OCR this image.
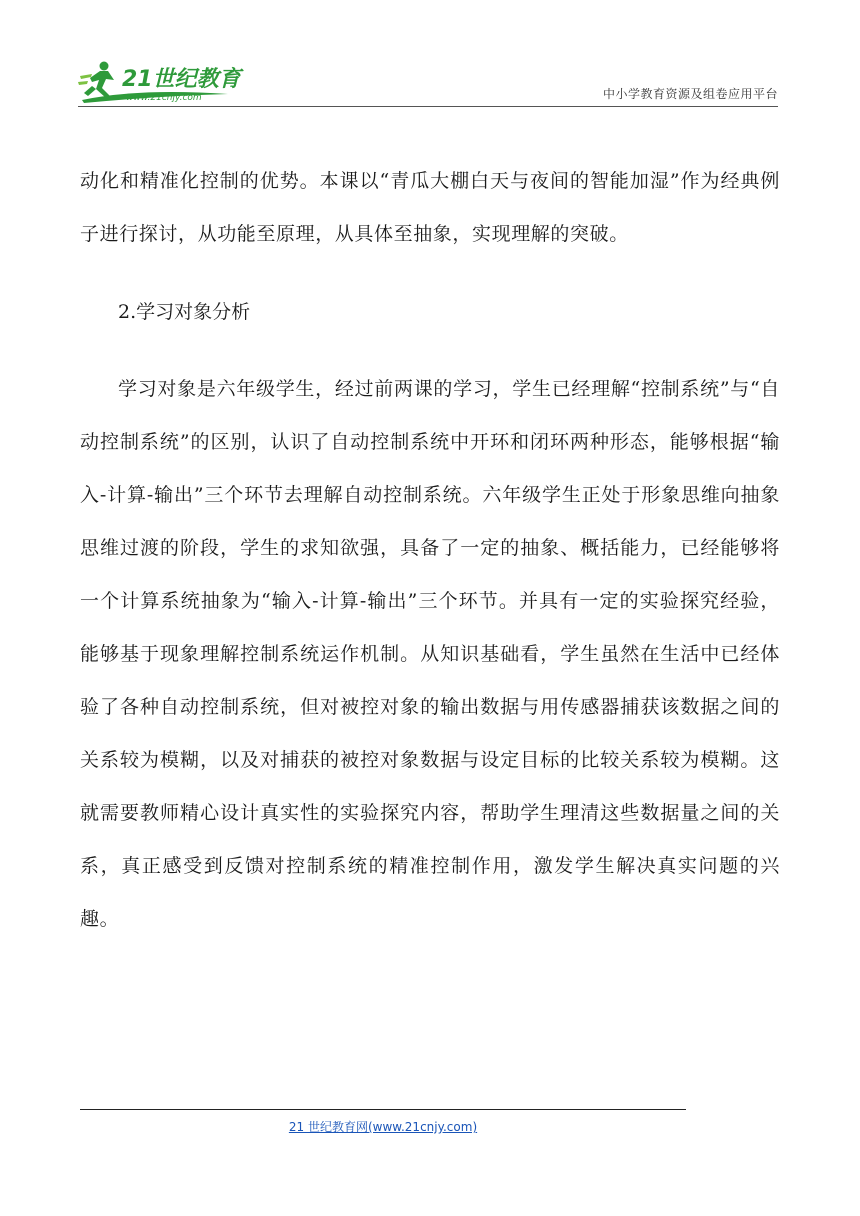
21世纪教育
www.21cnjy.com	中小学教育资源及组卷应用平台

动化和精准化控制的优势。本课以“青瓜大棚白天与夜间的智能加湿”作为经典例子进行探讨，从功能至原理，从具体至抽象，实现理解的突破。

2.学习对象分析

学习对象是六年级学生，经过前两课的学习，学生已经理解“控制系统”与“自动控制系统”的区别，认识了自动控制系统中开环和闭环两种形态，能够根据“输入-计算-输出”三个环节去理解自动控制系统。六年级学生正处于形象思维向抽象思维过渡的阶段，学生的求知欲强，具备了一定的抽象、概括能力，已经能够将一个计算系统抽象为“输入-计算-输出”三个环节。并具有一定的实验探究经验，能够基于现象理解控制系统运作机制。从知识基础看，学生虽然在生活中已经体验了各种自动控制系统，但对被控对象的输出数据与用传感器捕获该数据之间的关系较为模糊，以及对捕获的被控对象数据与设定目标的比较关系较为模糊。这就需要教师精心设计真实性的实验探究内容，帮助学生理清这些数据量之间的关系，真正感受到反馈对控制系统的精准控制作用，激发学生解决真实问题的兴趣。

21 世纪教育网(www.21cnjy.com)
